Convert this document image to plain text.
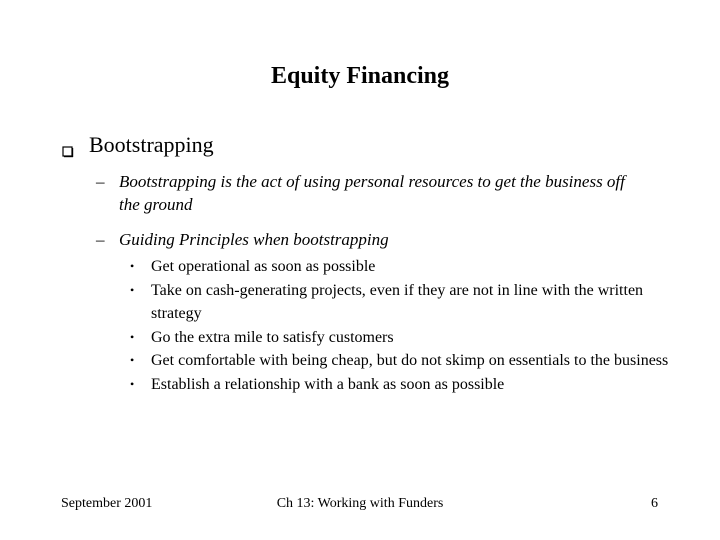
Equity Financing
Bootstrapping
– Bootstrapping is the act of using personal resources to get the business off the ground
– Guiding Principles when bootstrapping
• Get operational as soon as possible
• Take on cash-generating projects, even if they are not in line with the written strategy
• Go the extra mile to satisfy customers
• Get comfortable with being cheap, but do not skimp on essentials to the business
• Establish a relationship with a bank as soon as possible
September 2001	Ch 13: Working with Funders	6
